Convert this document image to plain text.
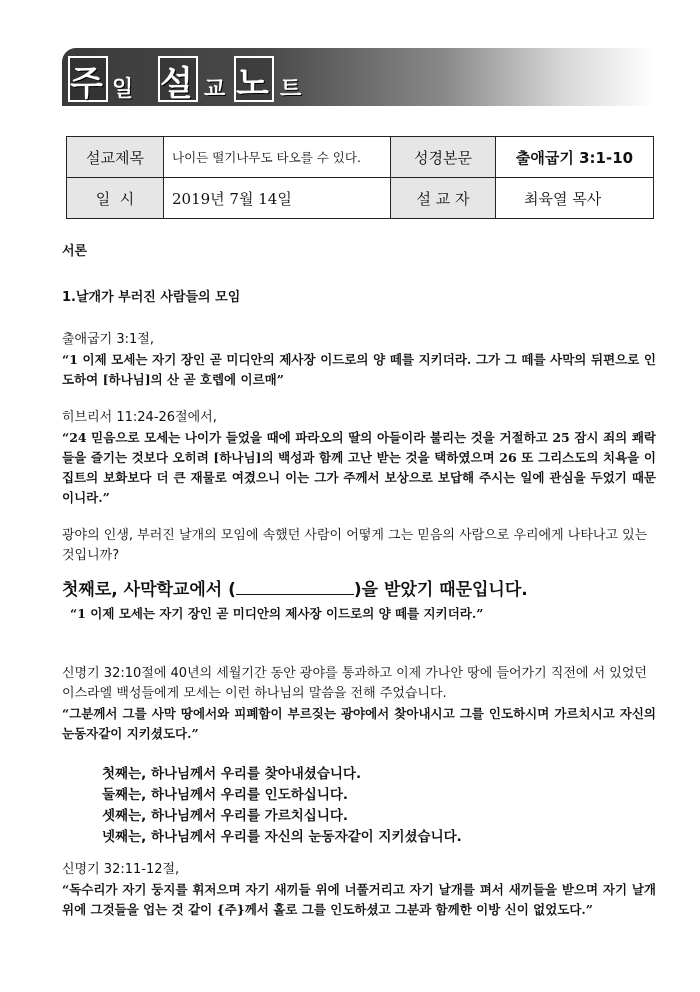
주 일 설 교 노 트
설교제목	나이든 떨기나무도 타오를 수 있다.	성경본문	출애굽기 3:1-10
일  시	2019년 7월 14일	설 교 자	최육열 목사
서론
1.날개가 부러진 사람들의 모임
출애굽기 3:1절,
“1 이제 모세는 자기 장인 곧 미디안의 제사장 이드로의 양 떼를 지키더라. 그가 그 떼를 사막의 뒤편으로 인도하여 [하나님]의 산 곧 호렙에 이르매”
히브리서 11:24-26절에서,
“24 믿음으로 모세는 나이가 들었을 때에 파라오의 딸의 아들이라 불리는 것을 거절하고 25 잠시 죄의 쾌락들을 즐기는 것보다 오히려 [하나님]의 백성과 함께 고난 받는 것을 택하였으며 26 또 그리스도의 치욕을 이집트의 보화보다 더 큰 재물로 여겼으니 이는 그가 주께서 보상으로 보답해 주시는 일에 관심을 두었기 때문이니라.”
광야의 인생, 부러진 날개의 모임에 속했던 사람이 어떻게 그는 믿음의 사람으로 우리에게 나타나고 있는 것입니까?
첫째로, 사막학교에서 (	)을 받았기 때문입니다.
“1 이제 모세는 자기 장인 곧 미디안의 제사장 이드로의 양 떼를 지키더라.”
신명기 32:10절에 40년의 세월기간 동안 광야를 통과하고 이제 가나안 땅에 들어가기 직전에 서 있었던 이스라엘 백성들에게 모세는 이런 하나님의 말씀을 전해 주었습니다.
“그분께서 그를 사막 땅에서와 피폐함이 부르짖는 광야에서 찾아내시고 그를 인도하시며 가르치시고 자신의 눈동자같이 지키셨도다.”
첫째는, 하나님께서 우리를 찾아내셨습니다.
둘째는, 하나님께서 우리를 인도하십니다.
셋째는, 하나님께서 우리를 가르치십니다.
넷째는, 하나님께서 우리를 자신의 눈동자같이 지키셨습니다.
신명기 32:11-12절,
“독수리가 자기 둥지를 휘저으며 자기 새끼들 위에 너풀거리고 자기 날개를 펴서 새끼들을 받으며 자기 날개 위에 그것들을 업는 것 같이 {주}께서 홀로 그를 인도하셨고 그분과 함께한 이방 신이 없었도다.”
